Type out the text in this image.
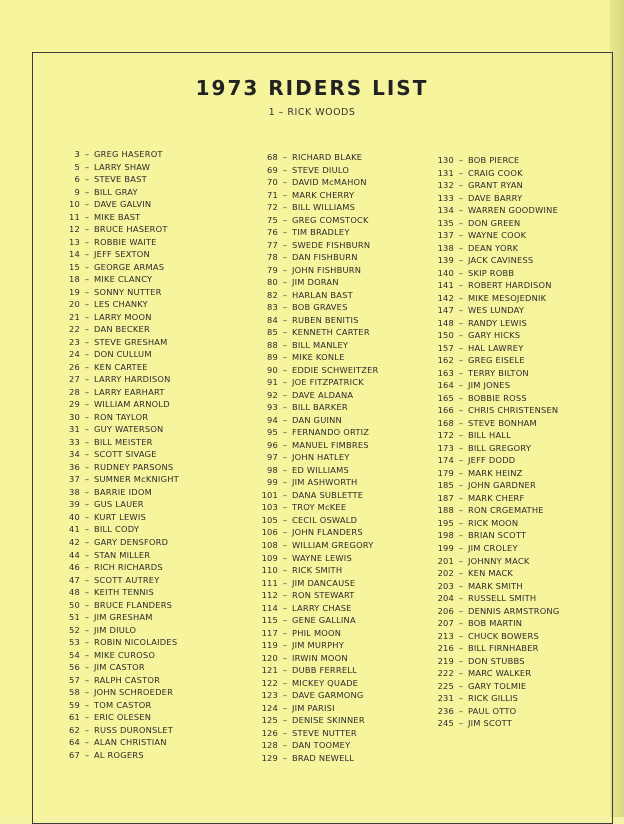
1973 RIDERS LIST
1 – RICK WOODS
3 – GREG HASEROT
5 – LARRY SHAW
6 – STEVE BAST
9 – BILL GRAY
10 – DAVE GALVIN
11 – MIKE BAST
12 – BRUCE HASEROT
13 – ROBBIE WAITE
14 – JEFF SEXTON
15 – GEORGE ARMAS
18 – MIKE CLANCY
19 – SONNY NUTTER
20 – LES CHANKY
21 – LARRY MOON
22 – DAN BECKER
23 – STEVE GRESHAM
24 – DON CULLUM
26 – KEN CARTEE
27 – LARRY HARDISON
28 – LARRY EARHART
29 – WILLIAM ARNOLD
30 – RON TAYLOR
31 – GUY WATERSON
33 – BILL MEISTER
34 – SCOTT SIVAGE
36 – RUDNEY PARSONS
37 – SUMNER McKNIGHT
38 – BARRIE IDOM
39 – GUS LAUER
40 – KURT LEWIS
41 – BILL CODY
42 – GARY DENSFORD
44 – STAN MILLER
46 – RICH RICHARDS
47 – SCOTT AUTREY
48 – KEITH TENNIS
50 – BRUCE FLANDERS
51 – JIM GRESHAM
52 – JIM DIULO
53 – ROBIN NICOLAIDES
54 – MIKE CUROSO
56 – JIM CASTOR
57 – RALPH CASTOR
58 – JOHN SCHROEDER
59 – TOM CASTOR
61 – ERIC OLESEN
62 – RUSS DURONSLET
64 – ALAN CHRISTIAN
67 – AL ROGERS
68 – RICHARD BLAKE
69 – STEVE DIULO
70 – DAVID McMAHON
71 – MARK CHERRY
72 – BILL WILLIAMS
75 – GREG COMSTOCK
76 – TIM BRADLEY
77 – SWEDE FISHBURN
78 – DAN FISHBURN
79 – JOHN FISHBURN
80 – JIM DORAN
82 – HARLAN BAST
83 – BOB GRAVES
84 – RUBEN BENITIS
85 – KENNETH CARTER
88 – BILL MANLEY
89 – MIKE KONLE
90 – EDDIE SCHWEITZER
91 – JOE FITZPATRICK
92 – DAVE ALDANA
93 – BILL BARKER
94 – DAN GUINN
95 – FERNANDO ORTIZ
96 – MANUEL FIMBRES
97 – JOHN HATLEY
98 – ED WILLIAMS
99 – JIM ASHWORTH
101 – DANA SUBLETTE
103 – TROY McKEE
105 – CECIL OSWALD
106 – JOHN FLANDERS
108 – WILLIAM GREGORY
109 – WAYNE LEWIS
110 – RICK SMITH
111 – JIM DANCAUSE
112 – RON STEWART
114 – LARRY CHASE
115 – GENE GALLINA
117 – PHIL MOON
119 – JIM MURPHY
120 – IRWIN MOON
121 – DUBB FERRELL
122 – MICKEY QUADE
123 – DAVE GARMONG
124 – JIM PARISI
125 – DENISE SKINNER
126 – STEVE NUTTER
128 – DAN TOOMEY
129 – BRAD NEWELL
130 – BOB PIERCE
131 – CRAIG COOK
132 – GRANT RYAN
133 – DAVE BARRY
134 – WARREN GOODWINE
135 – DON GREEN
137 – WAYNE COOK
138 – DEAN YORK
139 – JACK CAVINESS
140 – SKIP ROBB
141 – ROBERT HARDISON
142 – MIKE MESOJEDNIK
147 – WES LUNDAY
148 – RANDY LEWIS
150 – GARY HICKS
157 – HAL LAWREY
162 – GREG EISELE
163 – TERRY BILTON
164 – JIM JONES
165 – BOBBIE ROSS
166 – CHRIS CHRISTENSEN
168 – STEVE BONHAM
172 – BILL HALL
173 – BILL GREGORY
174 – JEFF DODD
179 – MARK HEINZ
185 – JOHN GARDNER
187 – MARK CHERF
188 – RON CRGEMATHE
195 – RICK MOON
198 – BRIAN SCOTT
199 – JIM CROLEY
201 – JOHNNY MACK
202 – KEN MACK
203 – MARK SMITH
204 – RUSSELL SMITH
206 – DENNIS ARMSTRONG
207 – BOB MARTIN
213 – CHUCK BOWERS
216 – BILL FIRNHABER
219 – DON STUBBS
222 – MARC WALKER
225 – GARY TOLMIE
231 – RICK GILLIS
236 – PAUL OTTO
245 – JIM SCOTT
